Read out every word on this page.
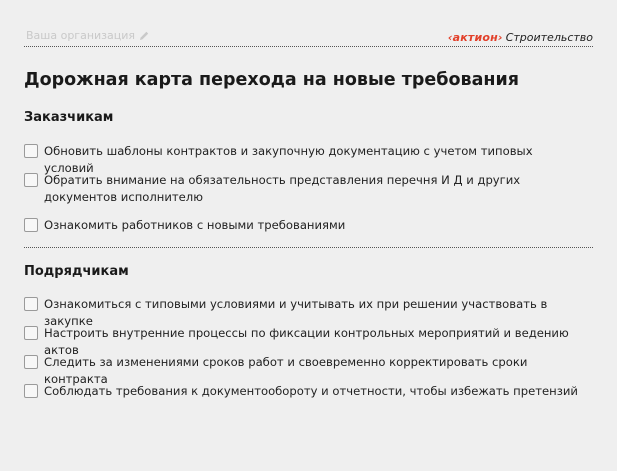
Ваша организация	‹актион› Строительство
Дорожная карта перехода на новые требования
Заказчикам
Обновить шаблоны контрактов и закупочную документацию с учетом типовых условий
Обратить внимание на обязательность представления перечня И Д и других документов исполнителю
Ознакомить работников с новыми требованиями
Подрядчикам
Ознакомиться с типовыми условиями и учитывать их при решении участвовать в закупке
Настроить внутренние процессы по фиксации контрольных мероприятий и ведению актов
Следить за изменениями сроков работ и своевременно корректировать сроки контракта
Соблюдать требования к документообороту и отчетности, чтобы избежать претензий
